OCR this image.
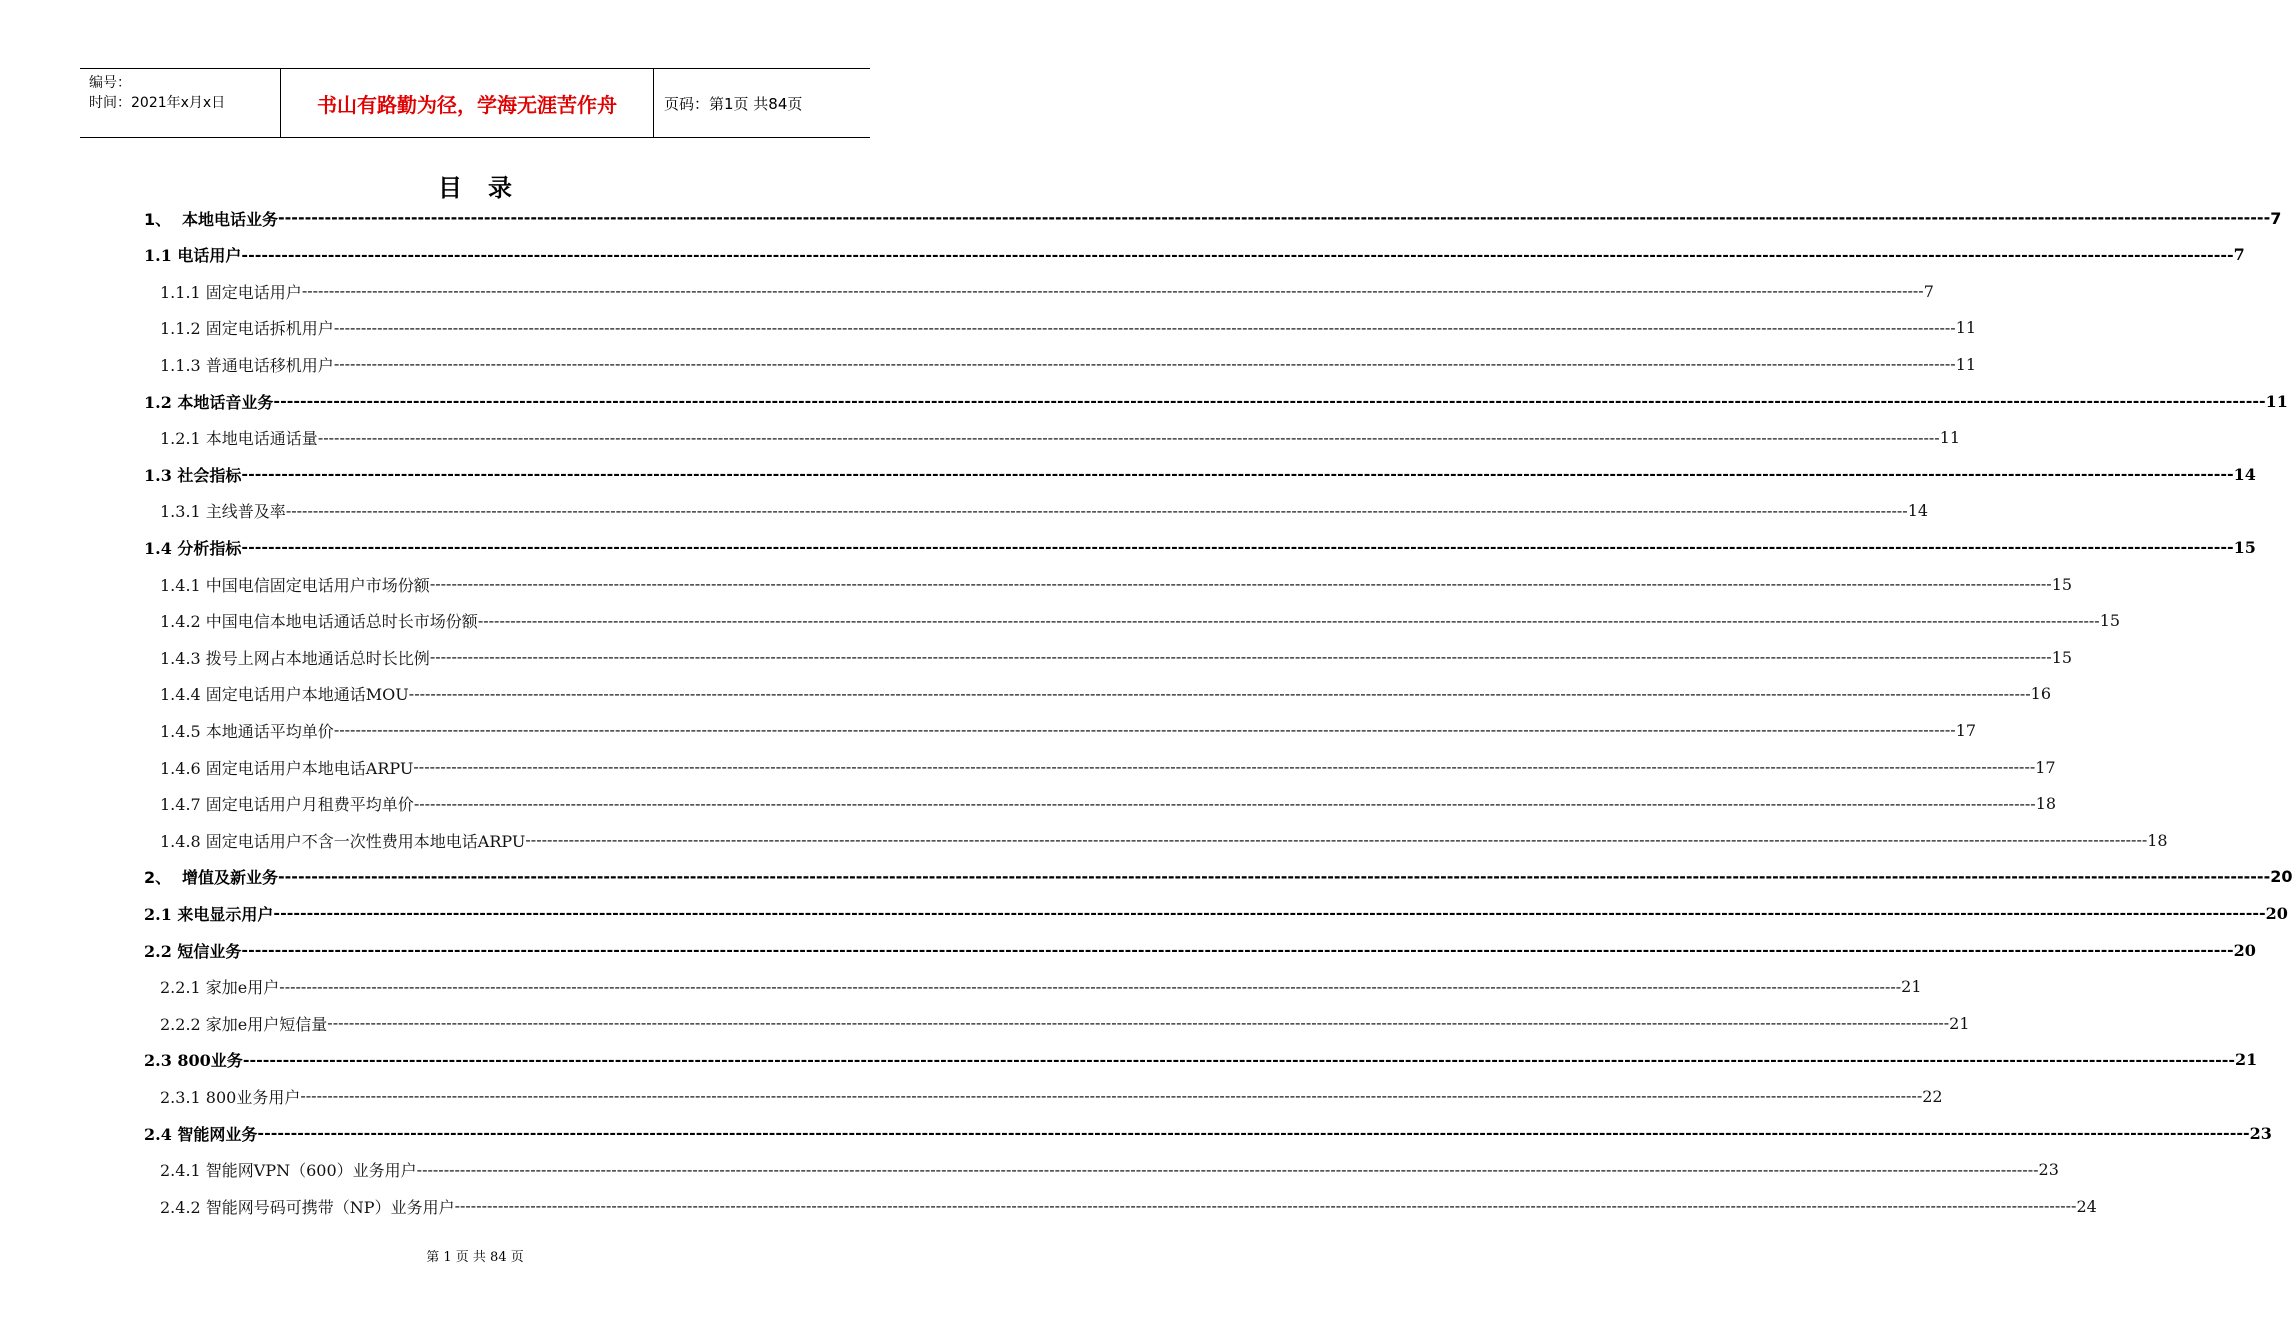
编号：
时间：2021年x月x日	书山有路勤为径，学海无涯苦作舟	页码：第1页 共84页
目录
1、 本地电话业务 ------------------------------------------------------------------------------------------------------------------------------------------------------------------------------------------------------------------------------------------------------------------------------------------------------------ 7
1.1 电话用户 ------------------------------------------------------------------------------------------------------------------------------------------------------------------------------------------------------------------------------------------------------------------------------------------------------------ 7
1.1.1 固定电话用户 ------------------------------------------------------------------------------------------------------------------------------------------------------------------------------------------------------------------------------------------------------------------------------------------------------------ 7
1.1.2 固定电话拆机用户 ------------------------------------------------------------------------------------------------------------------------------------------------------------------------------------------------------------------------------------------------------------------------------------------------------------ 11
1.1.3 普通电话移机用户 ------------------------------------------------------------------------------------------------------------------------------------------------------------------------------------------------------------------------------------------------------------------------------------------------------------ 11
1.2 本地话音业务 ------------------------------------------------------------------------------------------------------------------------------------------------------------------------------------------------------------------------------------------------------------------------------------------------------------ 11
1.2.1 本地电话通话量 ------------------------------------------------------------------------------------------------------------------------------------------------------------------------------------------------------------------------------------------------------------------------------------------------------------ 11
1.3 社会指标 ------------------------------------------------------------------------------------------------------------------------------------------------------------------------------------------------------------------------------------------------------------------------------------------------------------ 14
1.3.1 主线普及率 ------------------------------------------------------------------------------------------------------------------------------------------------------------------------------------------------------------------------------------------------------------------------------------------------------------ 14
1.4 分析指标 ------------------------------------------------------------------------------------------------------------------------------------------------------------------------------------------------------------------------------------------------------------------------------------------------------------ 15
1.4.1 中国电信固定电话用户市场份额 ------------------------------------------------------------------------------------------------------------------------------------------------------------------------------------------------------------------------------------------------------------------------------------------------------------ 15
1.4.2 中国电信本地电话通话总时长市场份额 ------------------------------------------------------------------------------------------------------------------------------------------------------------------------------------------------------------------------------------------------------------------------------------------------------------ 15
1.4.3 拨号上网占本地通话总时长比例 ------------------------------------------------------------------------------------------------------------------------------------------------------------------------------------------------------------------------------------------------------------------------------------------------------------ 15
1.4.4 固定电话用户本地通话MOU ------------------------------------------------------------------------------------------------------------------------------------------------------------------------------------------------------------------------------------------------------------------------------------------------------------ 16
1.4.5 本地通话平均单价 ------------------------------------------------------------------------------------------------------------------------------------------------------------------------------------------------------------------------------------------------------------------------------------------------------------ 17
1.4.6 固定电话用户本地电话ARPU ------------------------------------------------------------------------------------------------------------------------------------------------------------------------------------------------------------------------------------------------------------------------------------------------------------ 17
1.4.7 固定电话用户月租费平均单价 ------------------------------------------------------------------------------------------------------------------------------------------------------------------------------------------------------------------------------------------------------------------------------------------------------------ 18
1.4.8 固定电话用户不含一次性费用本地电话ARPU ------------------------------------------------------------------------------------------------------------------------------------------------------------------------------------------------------------------------------------------------------------------------------------------------------------ 18
2、 增值及新业务 ------------------------------------------------------------------------------------------------------------------------------------------------------------------------------------------------------------------------------------------------------------------------------------------------------------ 20
2.1 来电显示用户 ------------------------------------------------------------------------------------------------------------------------------------------------------------------------------------------------------------------------------------------------------------------------------------------------------------ 20
2.2 短信业务 ------------------------------------------------------------------------------------------------------------------------------------------------------------------------------------------------------------------------------------------------------------------------------------------------------------ 20
2.2.1 家加e用户 ------------------------------------------------------------------------------------------------------------------------------------------------------------------------------------------------------------------------------------------------------------------------------------------------------------ 21
2.2.2 家加e用户短信量 ------------------------------------------------------------------------------------------------------------------------------------------------------------------------------------------------------------------------------------------------------------------------------------------------------------ 21
2.3 800业务 ------------------------------------------------------------------------------------------------------------------------------------------------------------------------------------------------------------------------------------------------------------------------------------------------------------ 21
2.3.1 800业务用户 ------------------------------------------------------------------------------------------------------------------------------------------------------------------------------------------------------------------------------------------------------------------------------------------------------------ 22
2.4 智能网业务 ------------------------------------------------------------------------------------------------------------------------------------------------------------------------------------------------------------------------------------------------------------------------------------------------------------ 23
2.4.1 智能网VPN（600）业务用户 ------------------------------------------------------------------------------------------------------------------------------------------------------------------------------------------------------------------------------------------------------------------------------------------------------------ 23
2.4.2 智能网号码可携带（NP）业务用户 ------------------------------------------------------------------------------------------------------------------------------------------------------------------------------------------------------------------------------------------------------------------------------------------------------------ 24
第 1 页 共 84 页
